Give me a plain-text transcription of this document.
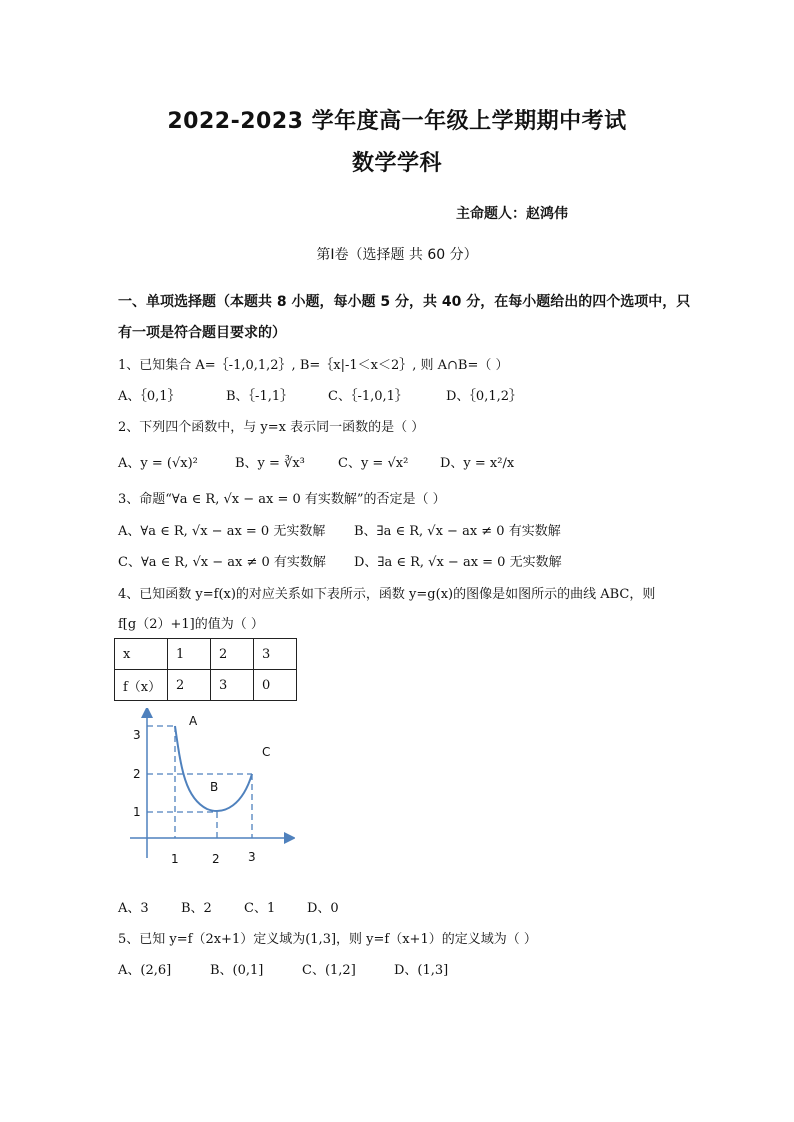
2022-2023 学年度高一年级上学期期中考试
数学学科
主命题人：赵鸿伟
第Ⅰ卷（选择题 共 60 分）
一、单项选择题（本题共 8 小题，每小题 5 分，共 40 分，在每小题给出的四个选项中，只
有一项是符合题目要求的）
1、已知集合 A=｛-1,0,1,2｝, B=｛x|-1＜x＜2｝, 则 A∩B=（ ）
A、｛0,1｝	B、｛-1,1｝	C、｛-1,0,1｝	D、｛0,1,2｝
2、下列四个函数中，与 y=x 表示同一函数的是（ ）
A、y = (√x)²	B、y = ∛x³	C、y = √x² D、y = x²/x
3、命题“∀a ∈ R, √x − ax = 0 有实数解”的否定是（ ）
A、∀a ∈ R, √x − ax = 0 无实数解 B、∃a ∈ R, √x − ax ≠ 0 有实数解
C、∀a ∈ R, √x − ax ≠ 0 有实数解 D、∃a ∈ R, √x − ax = 0 无实数解
4、已知函数 y=f(x)的对应关系如下表所示，函数 y=g(x)的图像是如图所示的曲线 ABC，则
f[g（2）+1]的值为（ ）
x	1	2	3
f（x）	2	3	0
3
2
1
1	2 3
A
B
C
A、3 B、2 C、1 D、0
5、已知 y=f（2x+1）定义域为(1,3]，则 y=f（x+1）的定义域为（ ）
A、(2,6]	B、(0,1]	C、(1,2]	D、(1,3]
